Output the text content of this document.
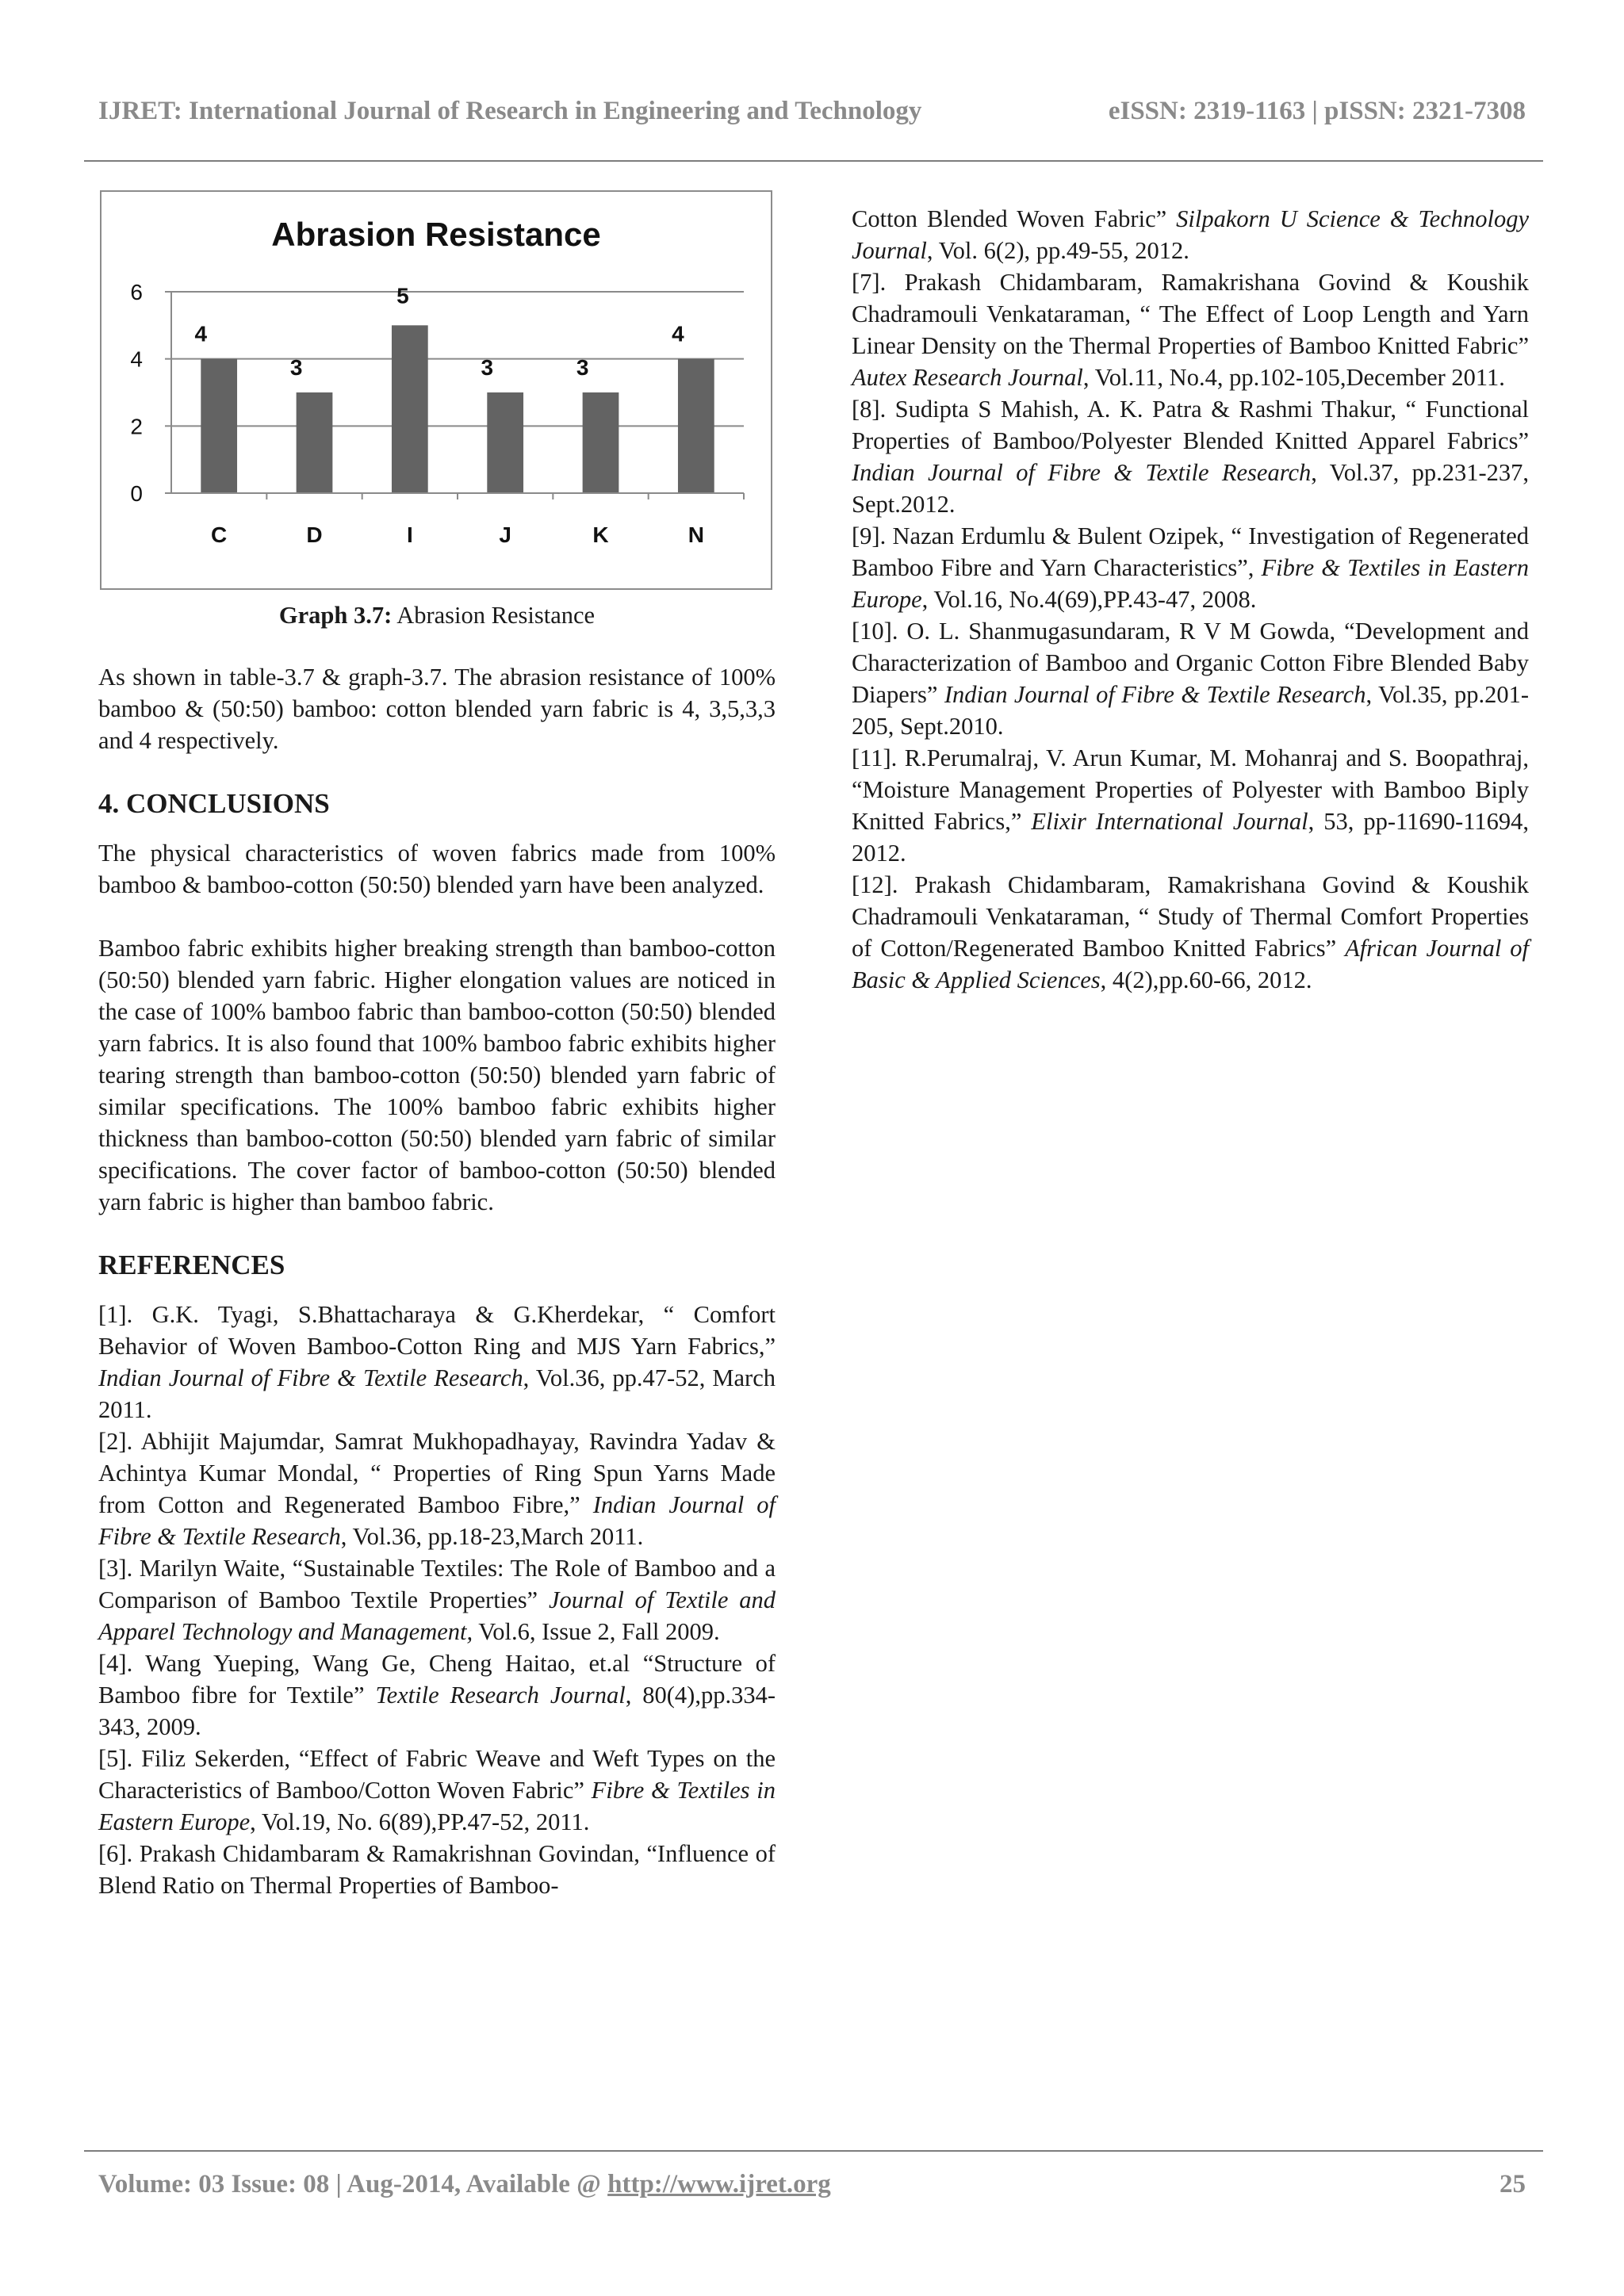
IJRET: International Journal of Research in Engineering and Technology	eISSN: 2319-1163 | pISSN: 2321-7308
Abrasion Resistance
0
2
4
6
4
C
3
D
5
I
3
J
3
K
4
N
Graph 3.7: Abrasion Resistance

As shown in table-3.7 & graph-3.7. The abrasion resistance of 100% bamboo & (50:50) bamboo: cotton blended yarn fabric is 4, 3,5,3,3 and 4 respectively.

4. CONCLUSIONS

The physical characteristics of woven fabrics made from 100% bamboo & bamboo-cotton (50:50) blended yarn have been analyzed.

Bamboo fabric exhibits higher breaking strength than bamboo-cotton (50:50) blended yarn fabric. Higher elongation values are noticed in the case of 100% bamboo fabric than bamboo-cotton (50:50) blended yarn fabrics. It is also found that 100% bamboo fabric exhibits higher tearing strength than bamboo-cotton (50:50) blended yarn fabric of similar specifications. The 100% bamboo fabric exhibits higher thickness than bamboo-cotton (50:50) blended yarn fabric of similar specifications. The cover factor of bamboo-cotton (50:50) blended yarn fabric is higher than bamboo fabric.

REFERENCES
[1]. G.K. Tyagi, S.Bhattacharaya & G.Kherdekar, “ Comfort Behavior of Woven Bamboo-Cotton Ring and MJS Yarn Fabrics,” Indian Journal of Fibre & Textile Research, Vol.36, pp.47-52, March 2011.
[2]. Abhijit Majumdar, Samrat Mukhopadhayay, Ravindra Yadav & Achintya Kumar Mondal, “ Properties of Ring Spun Yarns Made from Cotton and Regenerated Bamboo Fibre,” Indian Journal of Fibre & Textile Research, Vol.36, pp.18-23,March 2011.
[3]. Marilyn Waite, “Sustainable Textiles: The Role of Bamboo and a Comparison of Bamboo Textile Properties” Journal of Textile and Apparel Technology and Management, Vol.6, Issue 2, Fall 2009.
[4]. Wang Yueping, Wang Ge, Cheng Haitao, et.al “Structure of Bamboo fibre for Textile” Textile Research Journal, 80(4),pp.334-343, 2009.
[5]. Filiz Sekerden, “Effect of Fabric Weave and Weft Types on the Characteristics of Bamboo/Cotton Woven Fabric” Fibre & Textiles in Eastern Europe, Vol.19, No. 6(89),PP.47-52, 2011.
[6]. Prakash Chidambaram & Ramakrishnan Govindan, “Influence of Blend Ratio on Thermal Properties of Bamboo-
Cotton Blended Woven Fabric” Silpakorn U Science & Technology Journal, Vol. 6(2), pp.49-55, 2012.
[7]. Prakash Chidambaram, Ramakrishana Govind & Koushik Chadramouli Venkataraman, “ The Effect of Loop Length and Yarn Linear Density on the Thermal Properties of Bamboo Knitted Fabric” Autex Research Journal, Vol.11, No.4, pp.102-105,December 2011.
[8]. Sudipta S Mahish, A. K. Patra & Rashmi Thakur, “ Functional Properties of Bamboo/Polyester Blended Knitted Apparel Fabrics” Indian Journal of Fibre & Textile Research, Vol.37, pp.231-237, Sept.2012.
[9]. Nazan Erdumlu & Bulent Ozipek, “ Investigation of Regenerated Bamboo Fibre and Yarn Characteristics”, Fibre & Textiles in Eastern Europe, Vol.16, No.4(69),PP.43-47, 2008.
[10]. O. L. Shanmugasundaram, R V M Gowda, “Development and Characterization of Bamboo and Organic Cotton Fibre Blended Baby Diapers” Indian Journal of Fibre & Textile Research, Vol.35, pp.201-205, Sept.2010.
[11]. R.Perumalraj, V. Arun Kumar, M. Mohanraj and S. Boopathraj, “Moisture Management Properties of Polyester with Bamboo Biply Knitted Fabrics,” Elixir International Journal, 53, pp-11690-11694, 2012.
[12]. Prakash Chidambaram, Ramakrishana Govind & Koushik Chadramouli Venkataraman, “ Study of Thermal Comfort Properties of Cotton/Regenerated Bamboo Knitted Fabrics” African Journal of Basic & Applied Sciences, 4(2),pp.60-66, 2012.
Volume: 03 Issue: 08 | Aug-2014, Available @ http://www.ijret.org	25
